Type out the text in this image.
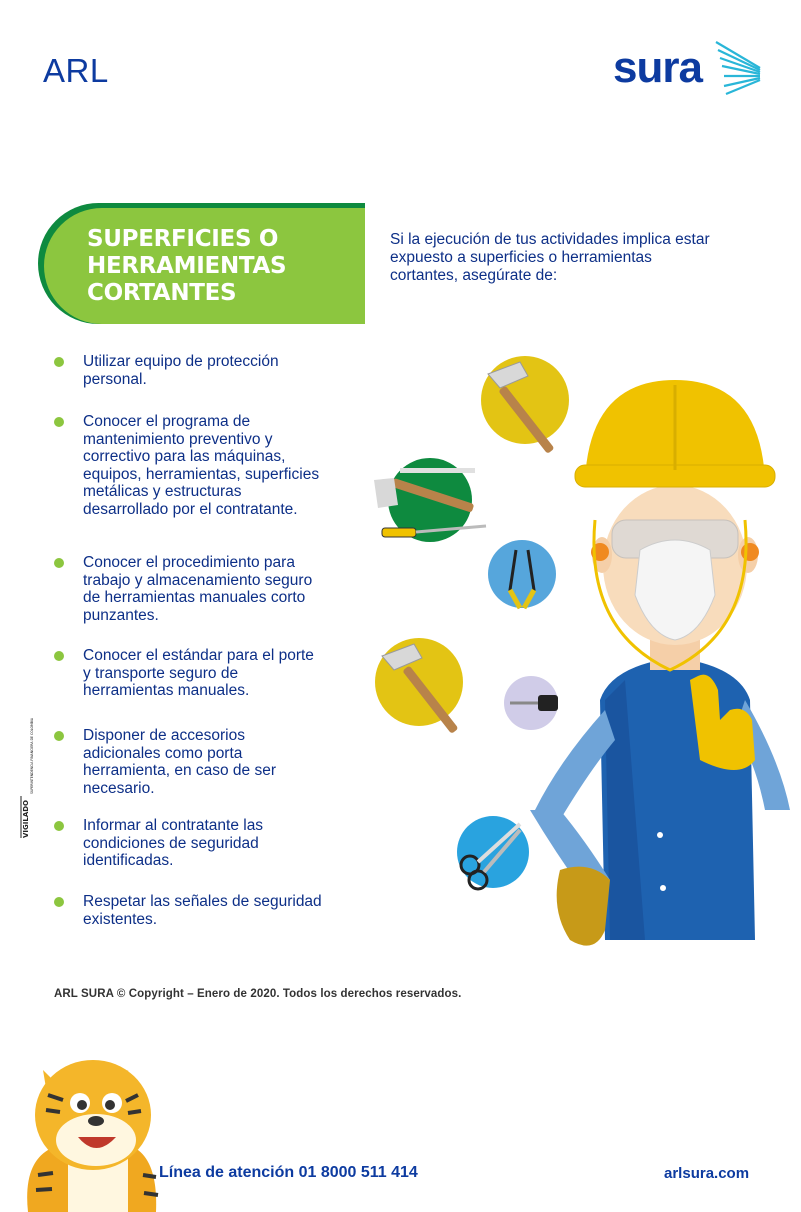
ARL	sura
SUPERFICIES O
HERRAMIENTAS
CORTANTES
Si la ejecución de tus actividades implica estar expuesto a superficies o herramientas cortantes, asegúrate de:
Utilizar equipo de protección personal.
Conocer el programa de mantenimiento preventivo y correctivo para las máquinas, equipos, herramientas, superficies metálicas y estructuras desarrollado por el contratante.
Conocer el procedimiento para trabajo y almacenamiento seguro de herramientas manuales corto punzantes.
Conocer el estándar para el porte y transporte seguro de herramientas manuales.
Disponer de accesorios adicionales como porta herramienta, en caso de ser necesario.
Informar al contratante las condiciones de seguridad identificadas.
Respetar las señales de seguridad existentes.
VIGILADO
SUPERINTENDENCIA FINANCIERA DE COLOMBIA
ARL SURA © Copyright – Enero de 2020. Todos los derechos reservados.
Línea de atención 01 8000 511 414	arlsura.com
